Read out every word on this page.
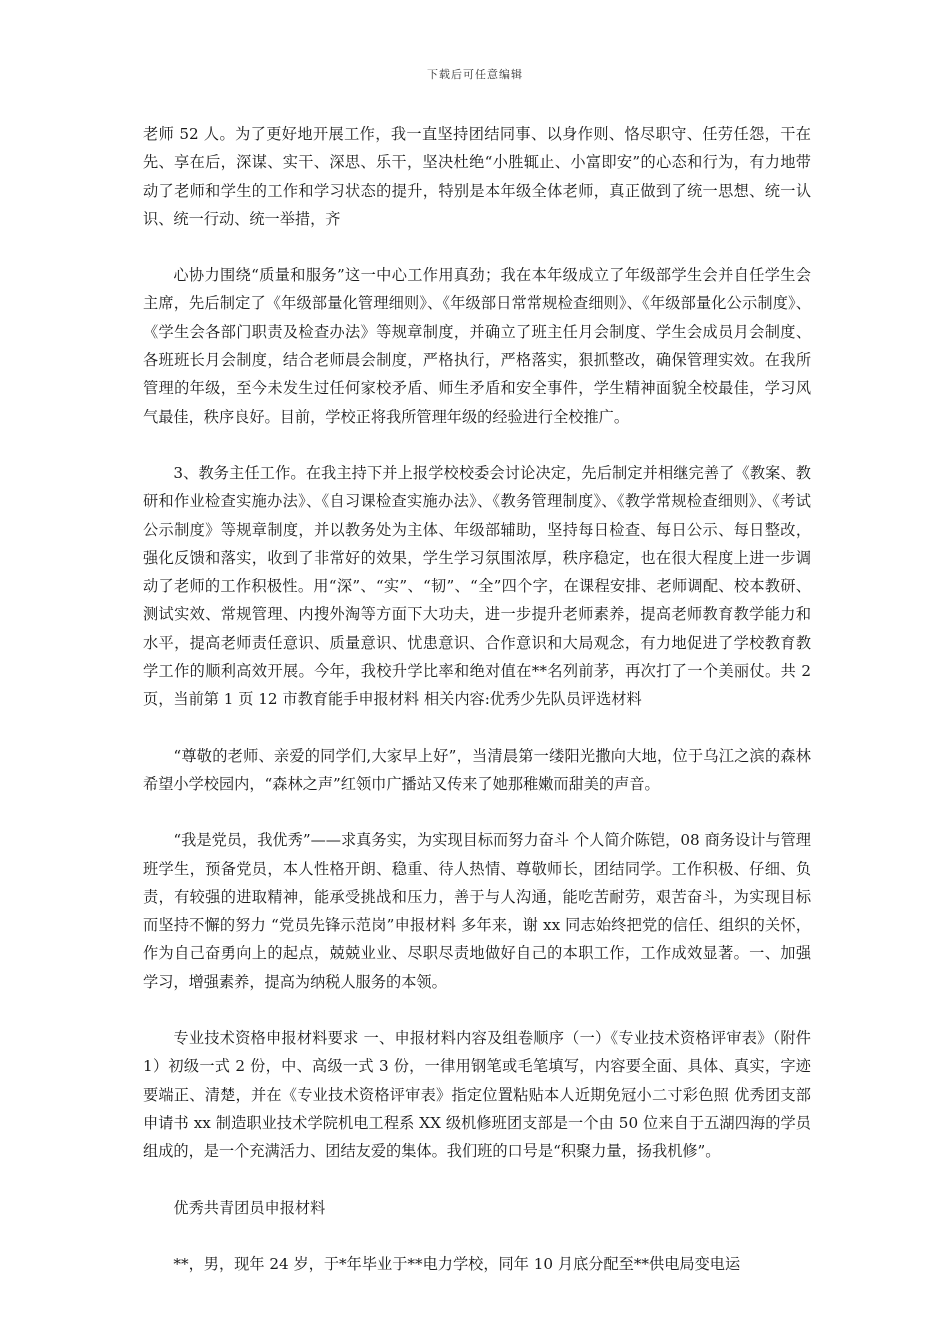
下载后可任意编辑

老师 52 人。为了更好地开展工作，我一直坚持团结同事、以身作则、恪尽职守、任劳任怨，干在先、享在后，深谋、实干、深思、乐干，坚决杜绝“小胜辄止、小富即安”的心态和行为，有力地带动了老师和学生的工作和学习状态的提升，特别是本年级全体老师，真正做到了统一思想、统一认识、统一行动、统一举措，齐

心协力围绕“质量和服务”这一中心工作用真劲；我在本年级成立了年级部学生会并自任学生会主席，先后制定了《年级部量化管理细则》、《年级部日常常规检查细则》、《年级部量化公示制度》、《学生会各部门职责及检查办法》等规章制度，并确立了班主任月会制度、学生会成员月会制度、各班班长月会制度，结合老师晨会制度，严格执行，严格落实，狠抓整改，确保管理实效。在我所管理的年级，至今未发生过任何家校矛盾、师生矛盾和安全事件，学生精神面貌全校最佳，学习风气最佳，秩序良好。目前，学校正将我所管理年级的经验进行全校推广。

3、教务主任工作。在我主持下并上报学校校委会讨论决定，先后制定并相继完善了《教案、教研和作业检查实施办法》、《自习课检查实施办法》、《教务管理制度》、《教学常规检查细则》、《考试公示制度》等规章制度，并以教务处为主体、年级部辅助，坚持每日检查、每日公示、每日整改，强化反馈和落实，收到了非常好的效果，学生学习氛围浓厚，秩序稳定，也在很大程度上进一步调动了老师的工作积极性。用“深”、“实”、“韧”、“全”四个字，在课程安排、老师调配、校本教研、测试实效、常规管理、内搜外淘等方面下大功夫，进一步提升老师素养，提高老师教育教学能力和水平，提高老师责任意识、质量意识、忧患意识、合作意识和大局观念，有力地促进了学校教育教学工作的顺利高效开展。今年，我校升学比率和绝对值在**名列前茅，再次打了一个美丽仗。共 2 页，当前第 1 页 12 市教育能手申报材料 相关内容:优秀少先队员评选材料

“尊敬的老师、亲爱的同学们,大家早上好”，当清晨第一缕阳光撒向大地，位于乌江之滨的森林希望小学校园内，“森林之声”红领巾广播站又传来了她那稚嫩而甜美的声音。

“我是党员，我优秀”——求真务实，为实现目标而努力奋斗 个人简介陈铠，08 商务设计与管理班学生，预备党员，本人性格开朗、稳重、待人热情、尊敬师长，团结同学。工作积极、仔细、负责，有较强的进取精神，能承受挑战和压力，善于与人沟通，能吃苦耐劳，艰苦奋斗，为实现目标而坚持不懈的努力 “党员先锋示范岗”申报材料 多年来，谢 xx 同志始终把党的信任、组织的关怀，作为自己奋勇向上的起点，兢兢业业、尽职尽责地做好自己的本职工作，工作成效显著。一、加强学习，增强素养，提高为纳税人服务的本领。

专业技术资格申报材料要求 一、申报材料内容及组卷顺序（一）《专业技术资格评审表》（附件 1）初级一式 2 份，中、高级一式 3 份，一律用钢笔或毛笔填写，内容要全面、具体、真实，字迹要端正、清楚，并在《专业技术资格评审表》指定位置粘贴本人近期免冠小二寸彩色照 优秀团支部申请书 xx 制造职业技术学院机电工程系 XX 级机修班团支部是一个由 50 位来自于五湖四海的学员组成的，是一个充满活力、团结友爱的集体。我们班的口号是“积聚力量，扬我机修”。

优秀共青团员申报材料

**，男，现年 24 岁，于*年毕业于**电力学校，同年 10 月底分配至**供电局变电运
